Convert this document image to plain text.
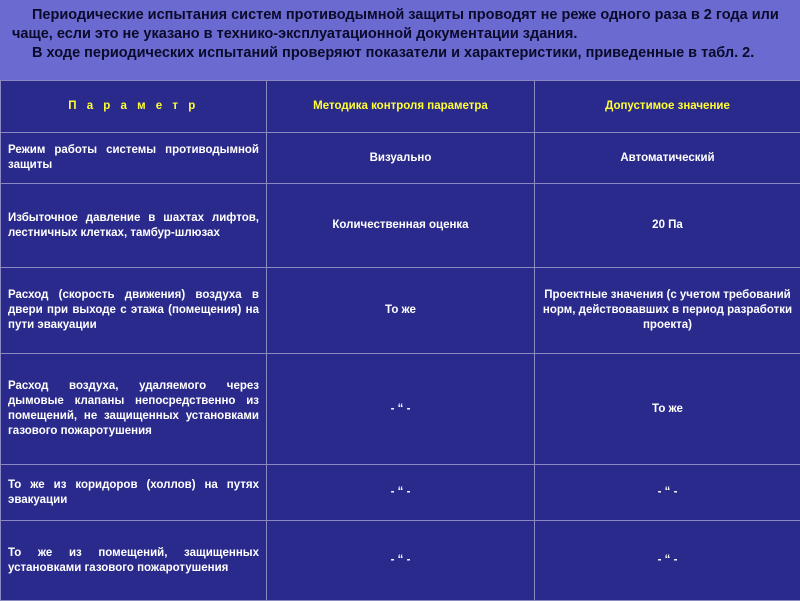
Периодические испытания систем противодымной защиты проводят не реже одного раза в 2 года или чаще, если это не указано в технико-эксплуатационной документации здания.

В ходе периодических испытаний проверяют показатели и характеристики, приведенные в табл. 2.

П а р а м е т р	Методика контроля параметра	Допустимое значение
Режим работы системы противодымной защиты	Визуально	Автоматический
Избыточное давление в шахтах лифтов, лестничных клетках, тамбур-шлюзах	Количественная оценка	20 Па
Расход (скорость движения) воздуха в двери при выходе с этажа (помещения) на пути эвакуации	То же	Проектные значения (с учетом требований норм, действовавших в период разработки проекта)
Расход воздуха, удаляемого через дымовые клапаны непосредственно из помещений, не защищенных установками газового пожаротушения	- “ -	То же
То же из коридоров (холлов) на путях эвакуации	- “ -	- “ -
То же из помещений, защищенных установками газового пожаротушения	- “ -	- “ -
